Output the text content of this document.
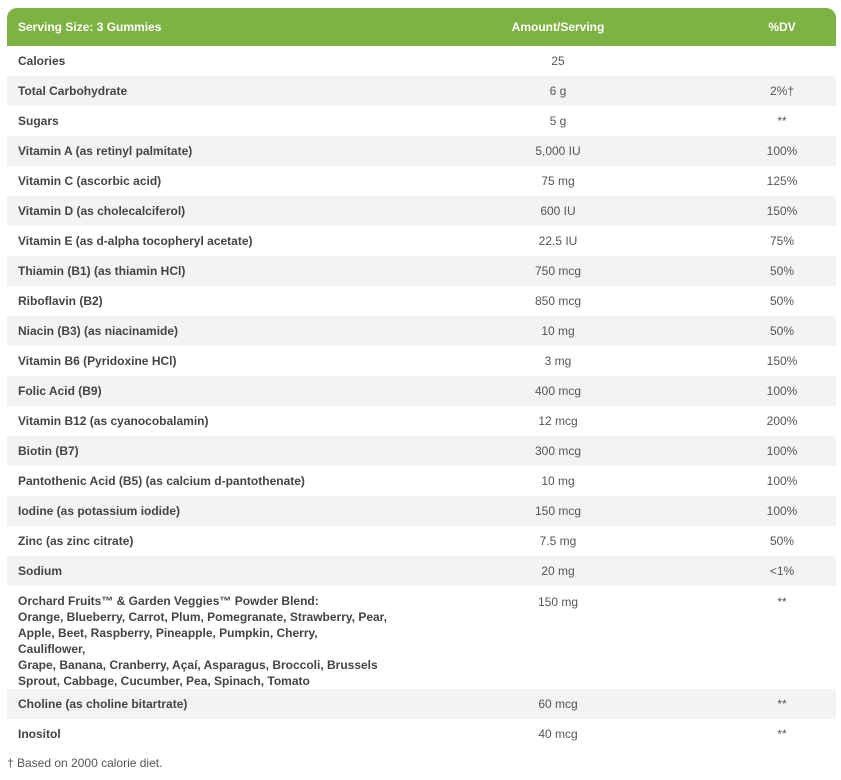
Serving Size: 3 Gummies	Amount/Serving	%DV
Calories	25	
Total Carbohydrate	6 g	2%†
Sugars	5 g	**
Vitamin A (as retinyl palmitate)	5,000 IU	100%
Vitamin C (ascorbic acid)	75 mg	125%
Vitamin D (as cholecalciferol)	600 IU	150%
Vitamin E (as d-alpha tocopheryl acetate)	22.5 IU	75%
Thiamin (B1) (as thiamin HCl)	750 mcg	50%
Riboflavin (B2)	850 mcg	50%
Niacin (B3) (as niacinamide)	10 mg	50%
Vitamin B6 (Pyridoxine HCl)	3 mg	150%
Folic Acid (B9)	400 mcg	100%
Vitamin B12 (as cyanocobalamin)	12 mcg	200%
Biotin (B7)	300 mcg	100%
Pantothenic Acid (B5) (as calcium d-pantothenate)	10 mg	100%
Iodine (as potassium iodide)	150 mcg	100%
Zinc (as zinc citrate)	7.5 mg	50%
Sodium	20 mg	<1%
Orchard Fruits™ & Garden Veggies™ Powder Blend:
Orange, Blueberry, Carrot, Plum, Pomegranate, Strawberry, Pear,
Apple, Beet, Raspberry, Pineapple, Pumpkin, Cherry, Cauliflower,
Grape, Banana, Cranberry, Açaí, Asparagus, Broccoli, Brussels
Sprout, Cabbage, Cucumber, Pea, Spinach, Tomato	150 mg	**
Choline (as choline bitartrate)	60 mcg	**
Inositol	40 mcg	**
† Based on 2000 calorie diet.
